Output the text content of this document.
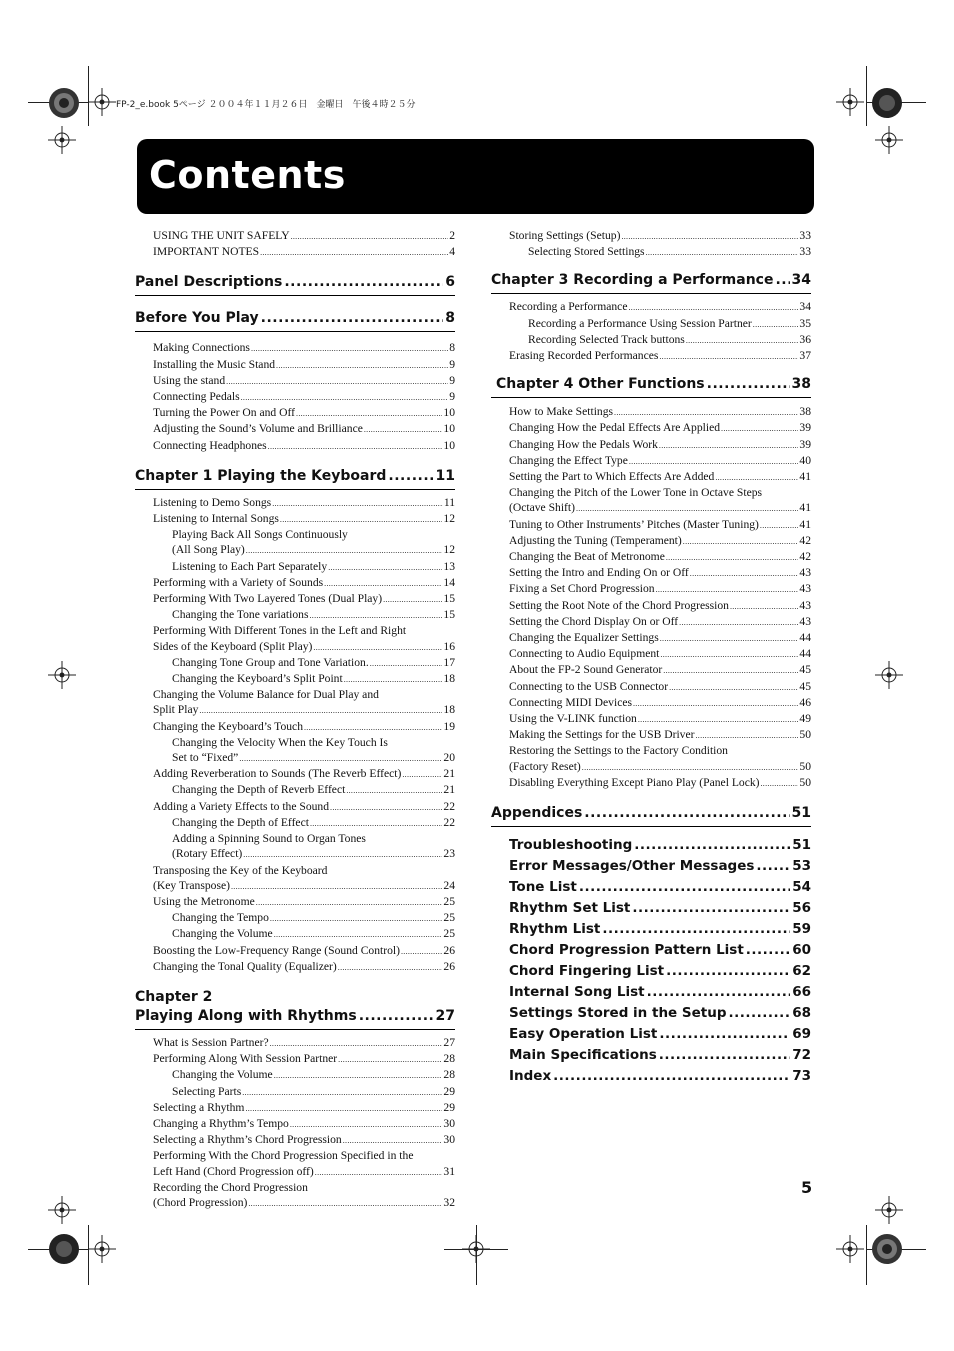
FP-2_e.book 5ページ ２００４年１１月２６日　金曜日　午後４時２５分
Contents
USING THE UNIT SAFELY .....	2
IMPORTANT NOTES .....	4
Panel Descriptions .....	6
Before You Play .....	8
Making Connections .....	8
Installing the Music Stand .....	9
Using the stand .....	9
Connecting Pedals .....	9
Turning the Power On and Off .....	10
Adjusting the Sound’s Volume and Brilliance .....	10
Connecting Headphones .....	10
Chapter 1 Playing the Keyboard .....	11
Listening to Demo Songs .....	11
Listening to Internal Songs .....	12
Playing Back All Songs Continuously
(All Song Play) .....	12
Listening to Each Part Separately .....	13
Performing with a Variety of Sounds .....	14
Performing With Two Layered Tones (Dual Play) .....	15
Changing the Tone variations .....	15
Performing With Different Tones in the Left and Right
Sides of the Keyboard (Split Play) .....	16
Changing Tone Group and Tone Variation. .....	17
Changing the Keyboard’s Split Point .....	18
Changing the Volume Balance for Dual Play and
Split Play .....	18
Changing the Keyboard’s Touch .....	19
Changing the Velocity When the Key Touch Is
Set to “Fixed” .....	20
Adding Reverberation to Sounds (The Reverb Effect) .....	21
Changing the Depth of Reverb Effect .....	21
Adding a Variety Effects to the Sound .....	22
Changing the Depth of Effect .....	22
Adding a Spinning Sound to Organ Tones
(Rotary Effect) .....	23
Transposing the Key of the Keyboard
(Key Transpose) .....	24
Using the Metronome .....	25
Changing the Tempo .....	25
Changing the Volume .....	25
Boosting the Low-Frequency Range (Sound Control) .....	26
Changing the Tonal Quality (Equalizer) .....	26
Chapter 2
Playing Along with Rhythms .....	27
What is Session Partner? .....	27
Performing Along With Session Partner .....	28
Changing the Volume .....	28
Selecting Parts .....	29
Selecting a Rhythm .....	29
Changing a Rhythm’s Tempo .....	30
Selecting a Rhythm’s Chord Progression .....	30
Performing With the Chord Progression Specified in the
Left Hand (Chord Progression off) .....	31
Recording the Chord Progression
(Chord Progression) .....	32
Storing Settings (Setup) .....	33
Selecting Stored Settings .....	33
Chapter 3 Recording a Performance ..... 34
Recording a Performance .....	34
Recording a Performance Using Session Partner .....	35
Recording Selected Track buttons .....	36
Erasing Recorded Performances .....	37
Chapter 4 Other Functions .....	38
How to Make Settings .....	38
Changing How the Pedal Effects Are Applied .....	39
Changing How the Pedals Work .....	39
Changing the Effect Type .....	40
Setting the Part to Which Effects Are Added .....	41
Changing the Pitch of the Lower Tone in Octave Steps
(Octave Shift) .....	41
Tuning to Other Instruments’ Pitches (Master Tuning) .....	41
Adjusting the Tuning (Temperament) .....	42
Changing the Beat of Metronome .....	42
Setting the Intro and Ending On or Off .....	43
Fixing a Set Chord Progression .....	43
Setting the Root Note of the Chord Progression .....	43
Setting the Chord Display On or Off .....	43
Changing the Equalizer Settings .....	44
Connecting to Audio Equipment .....	44
About the FP-2 Sound Generator .....	45
Connecting to the USB Connector .....	45
Connecting MIDI Devices .....	46
Using the V-LINK function .....	49
Making the Settings for the USB Driver .....	50
Restoring the Settings to the Factory Condition
(Factory Reset) .....	50
Disabling Everything Except Piano Play (Panel Lock) .....	50
Appendices .....	51
Troubleshooting .....	51
Error Messages/Other Messages .....	53
Tone List .....	54
Rhythm Set List .....	56
Rhythm List .....	59
Chord Progression Pattern List .....	60
Chord Fingering List .....	62
Internal Song List .....	66
Settings Stored in the Setup .....	68
Easy Operation List .....	69
Main Specifications .....	72
Index .....	73
5
